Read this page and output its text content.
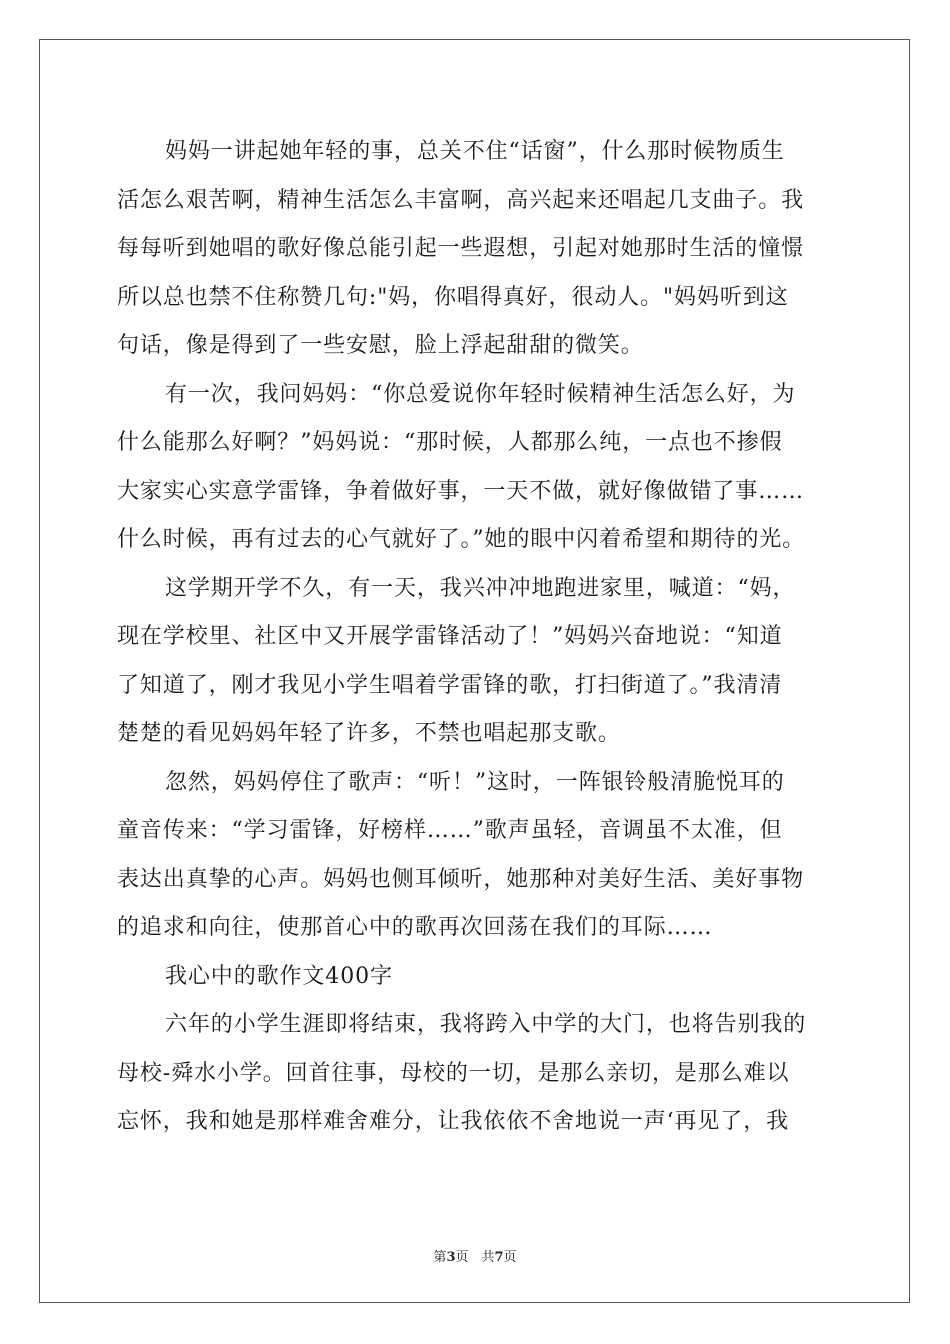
妈妈一讲起她年轻的事，总关不住“话窗”，什么那时候物质生
活怎么艰苦啊，精神生活怎么丰富啊，高兴起来还唱起几支曲子。我
每每听到她唱的歌好像总能引起一些遐想，引起对她那时生活的憧憬
所以总也禁不住称赞几句:"妈，你唱得真好，很动人。"妈妈听到这
句话，像是得到了一些安慰，脸上浮起甜甜的微笑。
有一次，我问妈妈：“你总爱说你年轻时候精神生活怎么好，为
什么能那么好啊？”妈妈说：“那时候，人都那么纯，一点也不掺假
大家实心实意学雷锋，争着做好事，一天不做，就好像做错了事……
什么时候，再有过去的心气就好了。”她的眼中闪着希望和期待的光。
这学期开学不久，有一天，我兴冲冲地跑进家里，喊道：“妈，
现在学校里、社区中又开展学雷锋活动了！”妈妈兴奋地说：“知道
了知道了，刚才我见小学生唱着学雷锋的歌，打扫街道了。”我清清
楚楚的看见妈妈年轻了许多，不禁也唱起那支歌。
忽然，妈妈停住了歌声：“听！”这时，一阵银铃般清脆悦耳的
童音传来：“学习雷锋，好榜样……”歌声虽轻，音调虽不太准，但
表达出真挚的心声。妈妈也侧耳倾听，她那种对美好生活、美好事物
的追求和向往，使那首心中的歌再次回荡在我们的耳际……
我心中的歌作文400字
六年的小学生涯即将结束，我将跨入中学的大门，也将告别我的
母校-舜水小学。回首往事，母校的一切，是那么亲切，是那么难以
忘怀，我和她是那样难舍难分，让我依依不舍地说一声‘再见了，我
第3页　共7页
